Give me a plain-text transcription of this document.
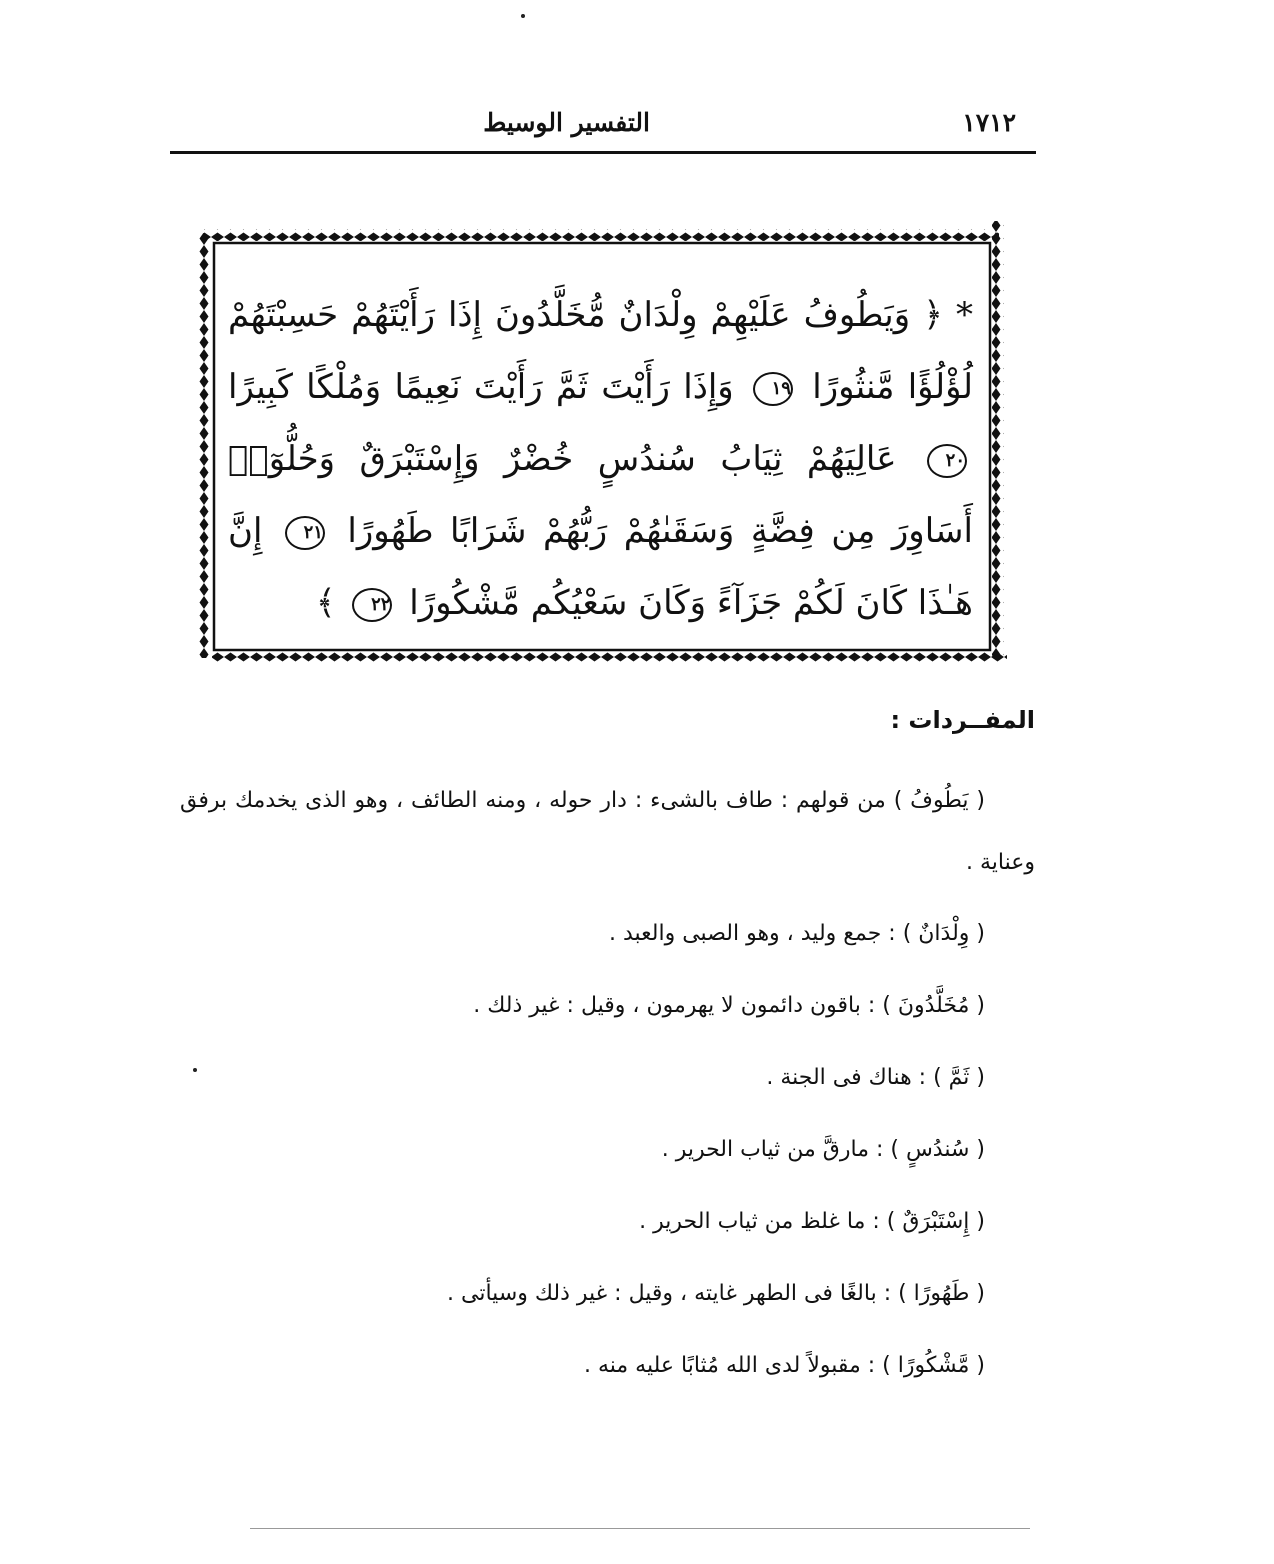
١٧١٢
التفسير الوسيط
* ﴿ وَيَطُوفُ عَلَيْهِمْ وِلْدَانٌ مُّخَلَّدُونَ إِذَا رَأَيْتَهُمْ حَسِبْتَهُمْ لُؤْلُؤًا مَّنثُورًا ١٩ وَإِذَا رَأَيْتَ ثَمَّ رَأَيْتَ نَعِيمًا وَمُلْكًا كَبِيرًا ٢٠ عَالِيَهُمْ ثِيَابُ سُندُسٍ خُضْرٌ وَإِسْتَبْرَقٌ وَحُلُّوٓا۟ أَسَاوِرَ مِن فِضَّةٍ وَسَقَىٰهُمْ رَبُّهُمْ شَرَابًا طَهُورًا ٢١ إِنَّ هَـٰذَا كَانَ لَكُمْ جَزَآءً وَكَانَ سَعْيُكُم مَّشْكُورًا ٢٢ ﴾
المفــردات :
( يَطُوفُ ) من قولهم : طاف بالشىء : دار حوله ، ومنه الطائف ، وهو الذى يخدمك برفق وعناية .
( وِلْدَانٌ ) : جمع وليد ، وهو الصبى والعبد .
( مُخَلَّدُونَ ) : باقون دائمون لا يهرمون ، وقيل : غير ذلك .
( ثَمَّ ) : هناك فى الجنة .
( سُندُسٍ ) : مارقَّ من ثياب الحرير .
( إِسْتَبْرَقٌ ) : ما غلظ من ثياب الحرير .
( طَهُورًا ) : بالغًا فى الطهر غايته ، وقيل : غير ذلك وسيأتى .
( مَّشْكُورًا ) : مقبولاً لدى الله مُثابًا عليه منه .
